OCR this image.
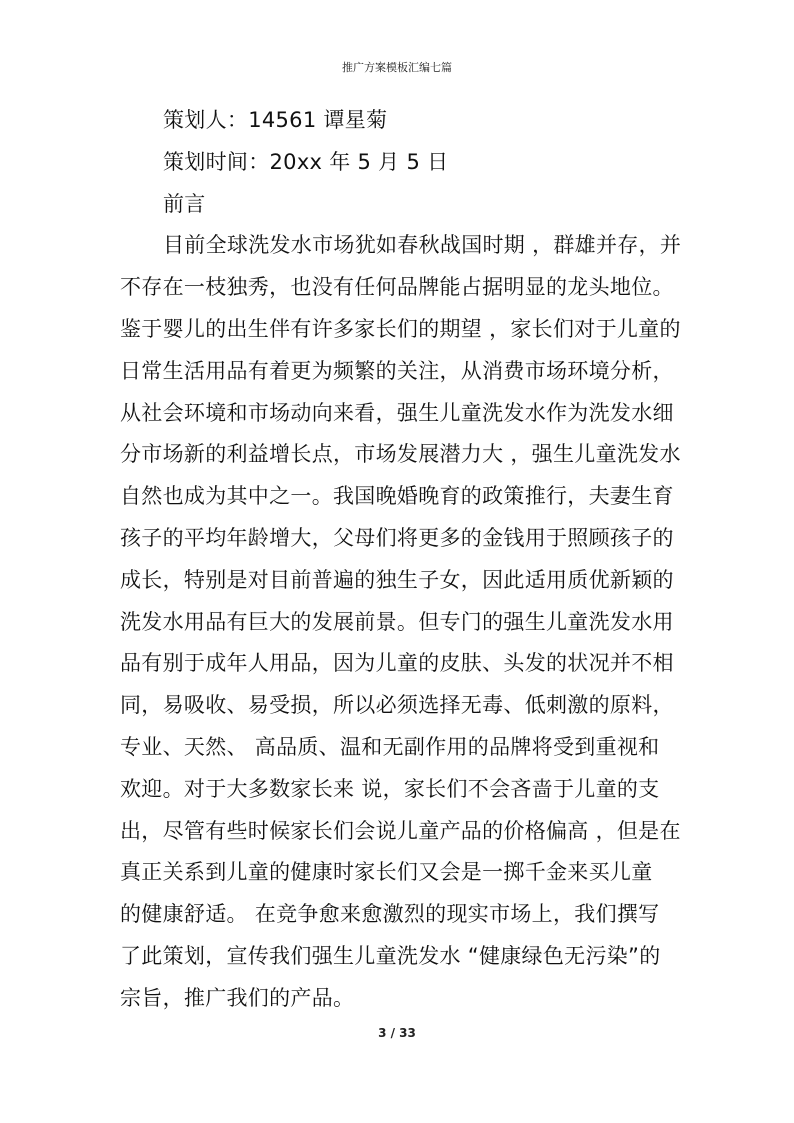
推广方案模板汇编七篇

策划人：14561 谭星菊

策划时间：20xx 年 5 月 5 日

前言

目前全球洗发水市场犹如春秋战国时期 ，群雄并存，并

不存在一枝独秀，也没有任何品牌能占据明显的龙头地位。

鉴于婴儿的出生伴有许多家长们的期望 ，家长们对于儿童的

日常生活用品有着更为频繁的关注，从消费市场环境分析，

从社会环境和市场动向来看，强生儿童洗发水作为洗发水细

分市场新的利益增长点，市场发展潜力大 ，强生儿童洗发水

自然也成为其中之一。我国晚婚晚育的政策推行，夫妻生育

孩子的平均年龄增大，父母们将更多的金钱用于照顾孩子的

成长，特别是对目前普遍的独生子女，因此适用质优新颖的

洗发水用品有巨大的发展前景。但专门的强生儿童洗发水用

品有别于成年人用品，因为儿童的皮肤、头发的状况并不相

同，易吸收、易受损，所以必须选择无毒、低刺激的原料，

专业、天然、 高品质、温和无副作用的品牌将受到重视和

欢迎。对于大多数家长来 说，家长们不会吝啬于儿童的支

出，尽管有些时候家长们会说儿童产品的价格偏高 ，但是在

真正关系到儿童的健康时家长们又会是一掷千金来买儿童

的健康舒适。 在竞争愈来愈激烈的现实市场上，我们撰写

了此策划，宣传我们强生儿童洗发水 “健康绿色无污染”的

宗旨，推广我们的产品。

3 / 33
